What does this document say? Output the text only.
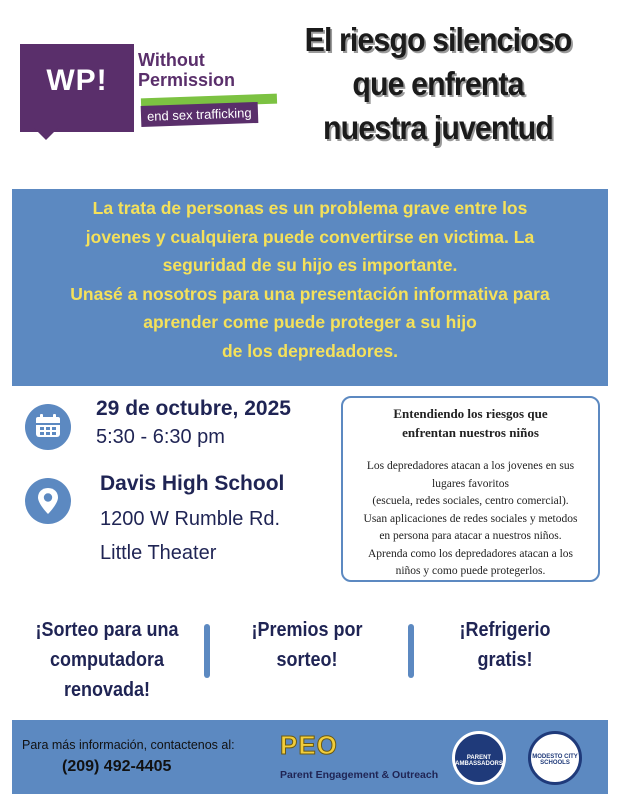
WP!
Without
Permission
end sex trafficking
El riesgo silencioso
que enfrenta
nuestra juventud
La trata de personas es un problema grave entre los
jovenes y cualquiera puede convertirse en victima. La
seguridad de su hijo es importante.
Unasé a nosotros para una presentación informativa para
aprender come puede proteger a su hijo
de los depredadores.
29 de octubre, 2025
5:30 - 6:30 pm
Davis High School
1200 W Rumble Rd.
Little Theater
Entendiendo los riesgos que
enfrentan nuestros niños
Los depredadores atacan a los jovenes en sus
lugares favoritos
(escuela, redes sociales, centro comercial).
Usan aplicaciones de redes sociales y metodos
en persona para atacar a nuestros niños.
Aprenda como los depredadores atacan a los
niños y como puede protegerlos.
¡Sorteo para una
computadora
renovada!
¡Premios por
sorteo!
¡Refrigerio
gratis!
Para más información, contactenos al:
(209) 492-4405
PEO
Parent Engagement & Outreach
PARENT AMBASSADORS
MODESTO CITY SCHOOLS
